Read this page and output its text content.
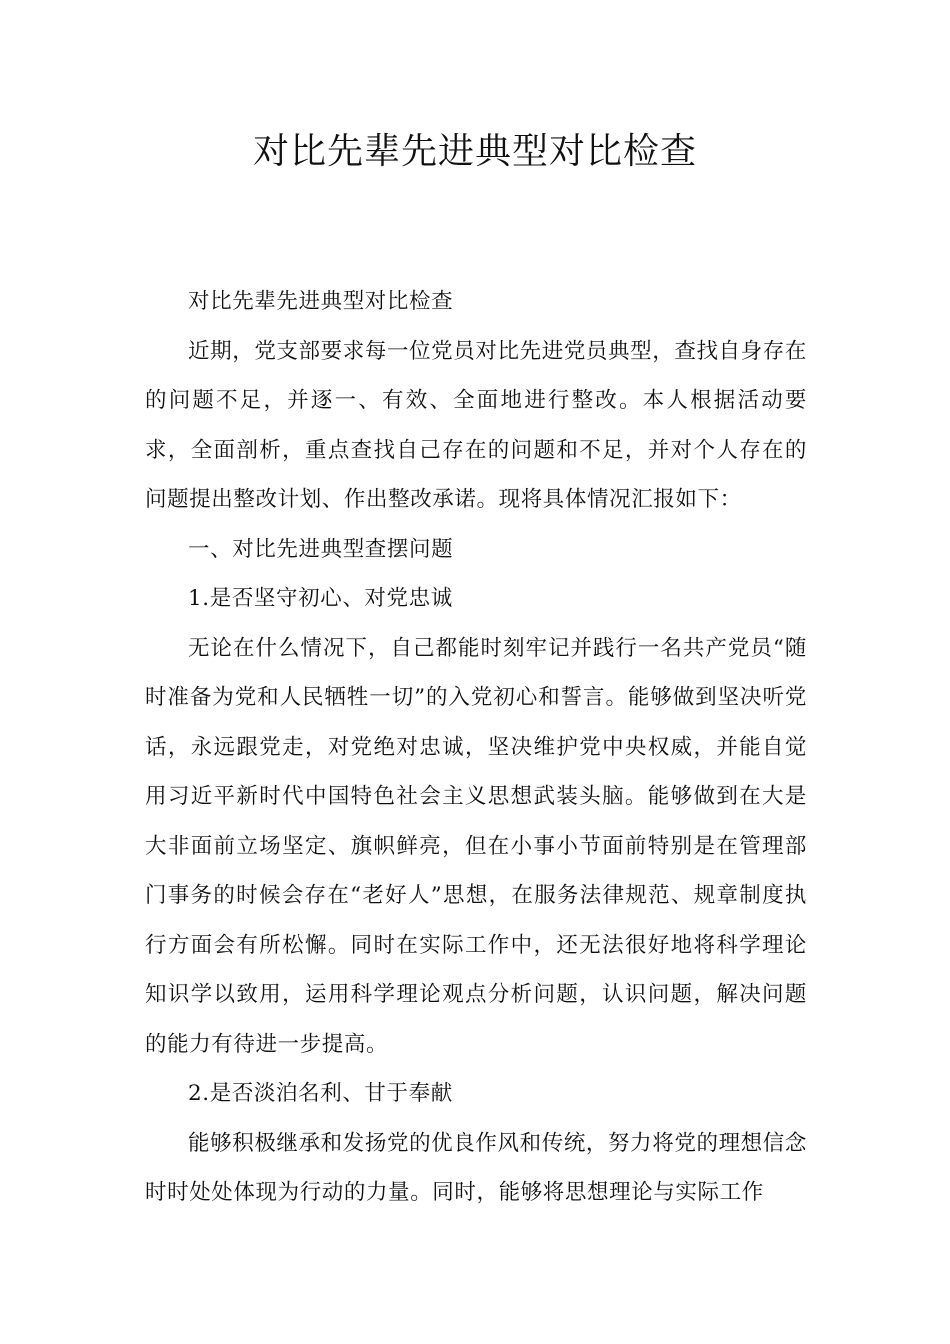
对比先辈先进典型对比检查

对比先辈先进典型对比检查

近期，党支部要求每一位党员对比先进党员典型，查找自身存在的问题不足，并逐一、有效、全面地进行整改。本人根据活动要求，全面剖析，重点查找自己存在的问题和不足，并对个人存在的问题提出整改计划、作出整改承诺。现将具体情况汇报如下：

一、对比先进典型查摆问题

1.是否坚守初心、对党忠诚

无论在什么情况下，自己都能时刻牢记并践行一名共产党员“随时准备为党和人民牺牲一切”的入党初心和誓言。能够做到坚决听党话，永远跟党走，对党绝对忠诚，坚决维护党中央权威，并能自觉用习近平新时代中国特色社会主义思想武装头脑。能够做到在大是大非面前立场坚定、旗帜鲜亮，但在小事小节面前特别是在管理部门事务的时候会存在“老好人”思想，在服务法律规范、规章制度执行方面会有所松懈。同时在实际工作中，还无法很好地将科学理论知识学以致用，运用科学理论观点分析问题，认识问题，解决问题的能力有待进一步提高。

2.是否淡泊名利、甘于奉献

能够积极继承和发扬党的优良作风和传统，努力将党的理想信念时时处处体现为行动的力量。同时，能够将思想理论与实际工作
